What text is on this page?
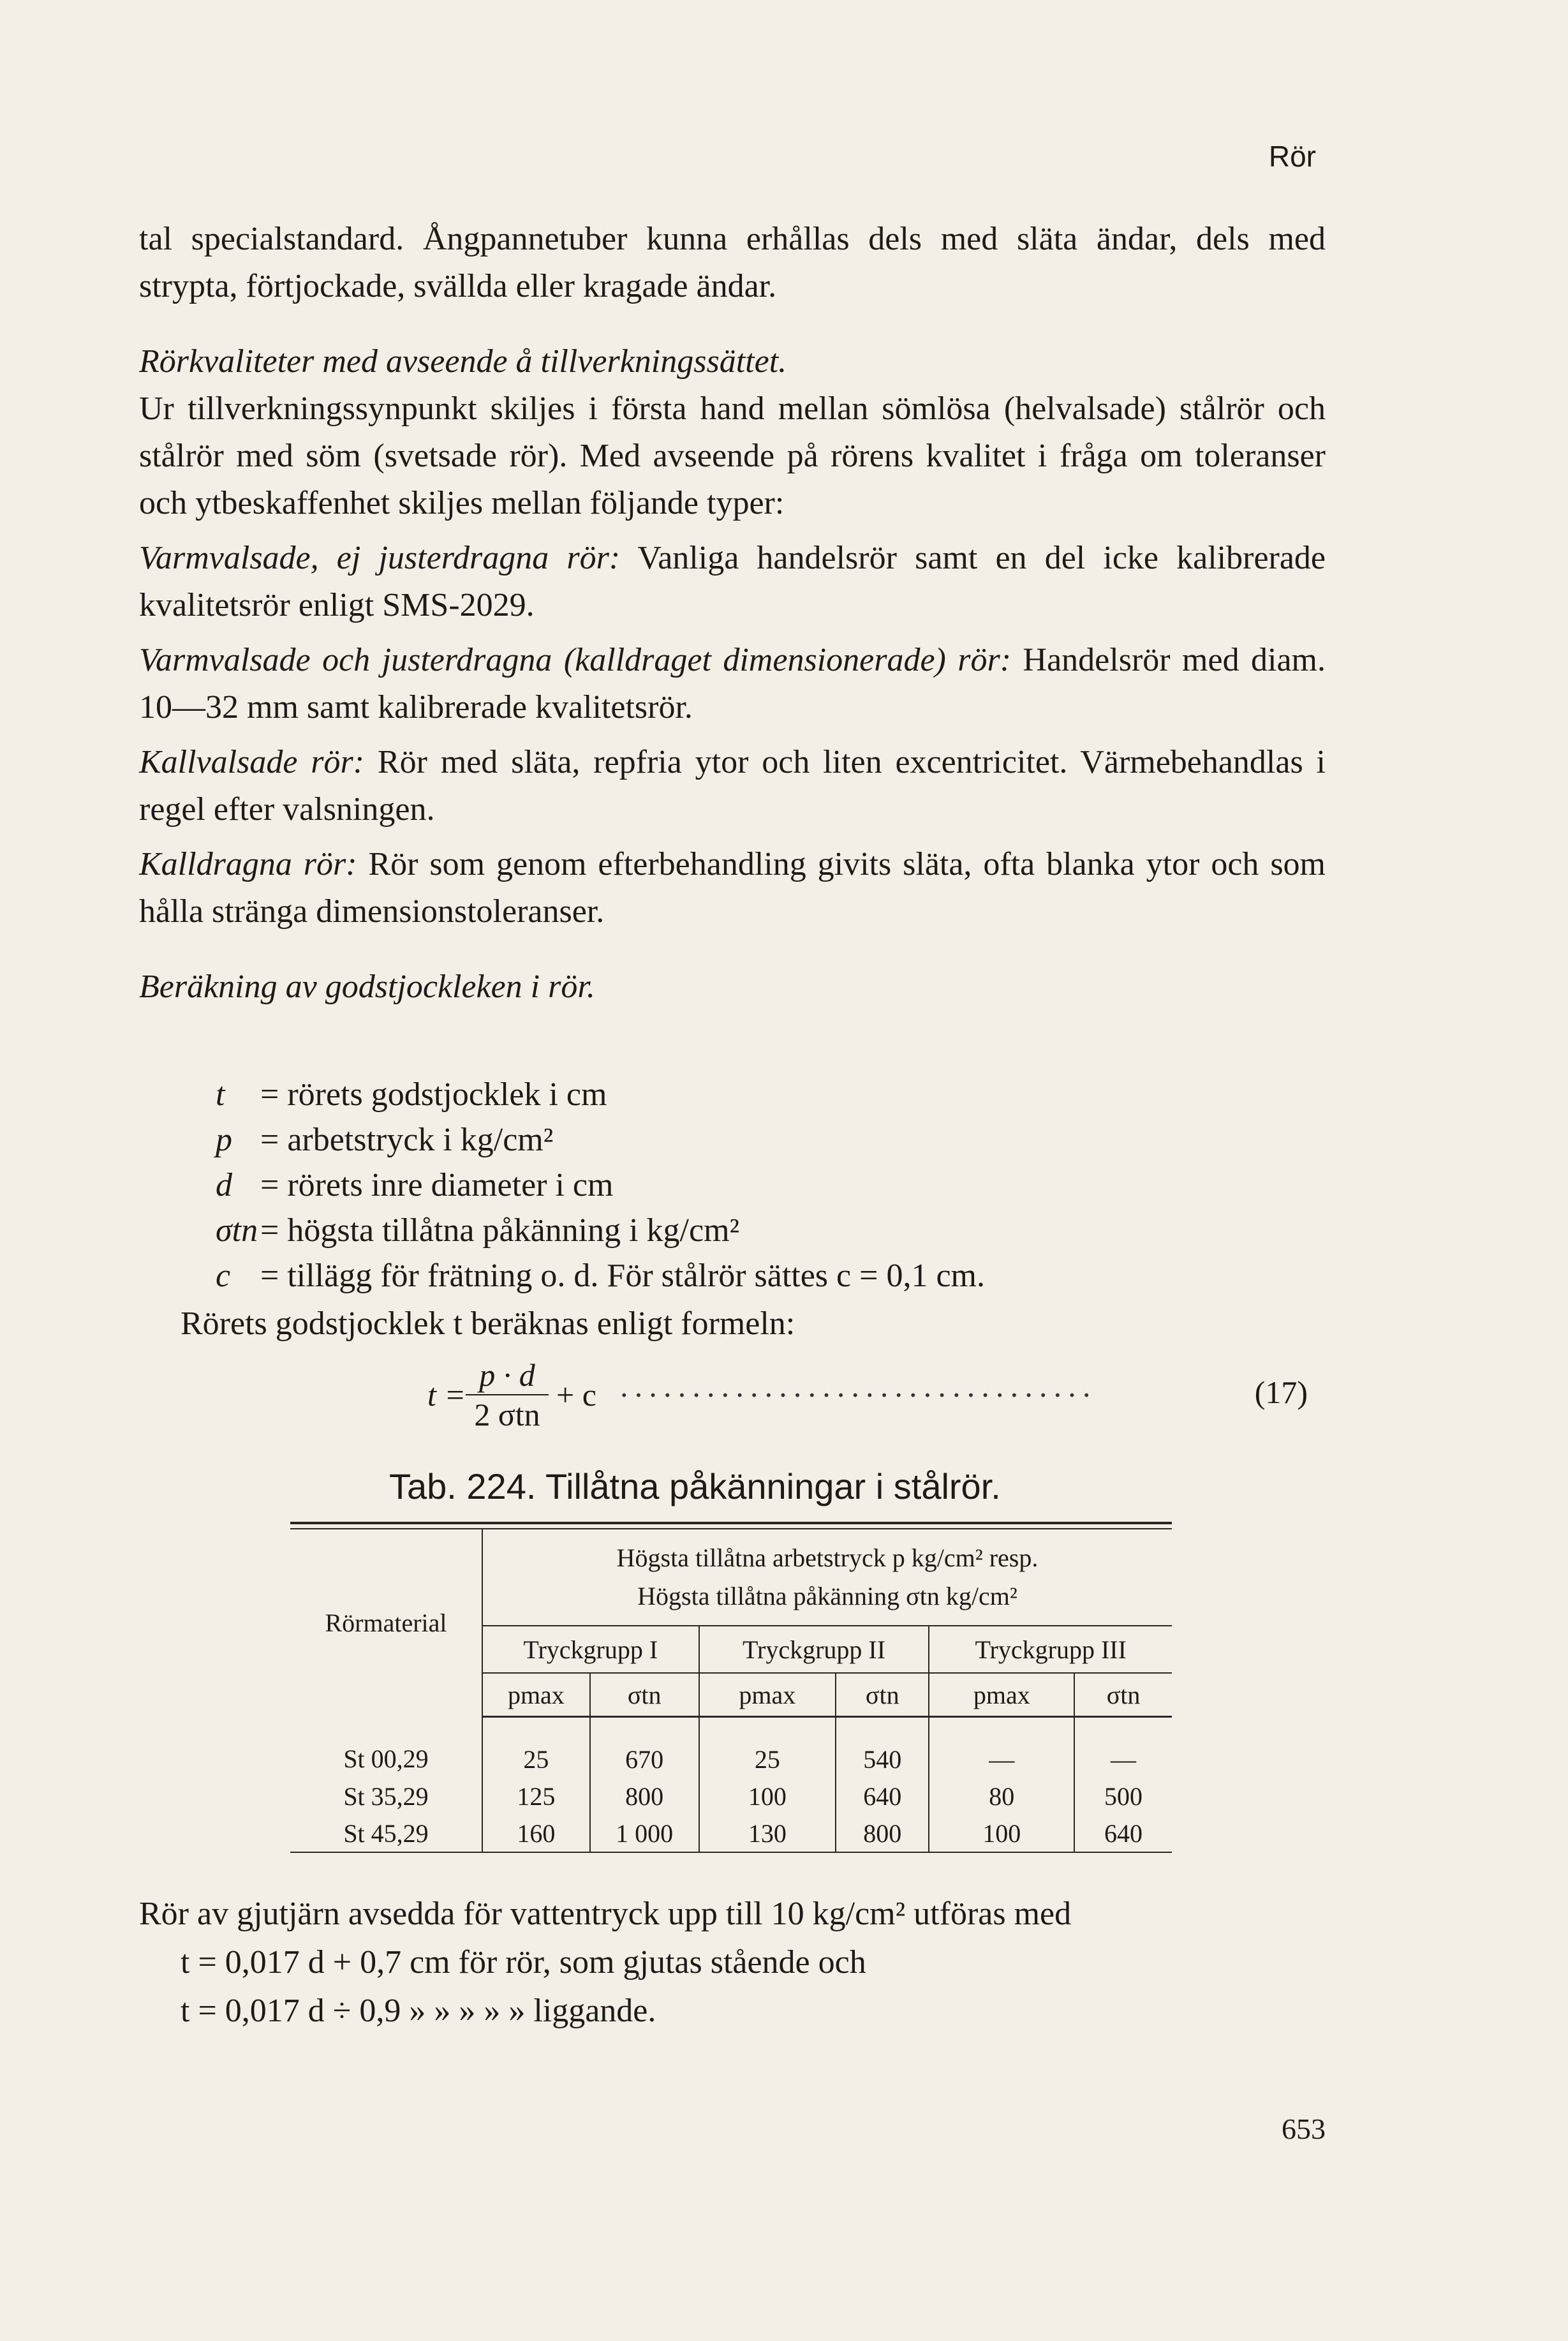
Rör

tal specialstandard. Ångpannetuber kunna erhållas dels med släta ändar, dels med strypta, förtjockade, svällda eller kragade ändar.

Rörkvaliteter med avseende å tillverkningssättet.

Ur tillverkningssynpunkt skiljes i första hand mellan sömlösa (helvalsade) stålrör och stålrör med söm (svetsade rör). Med avseende på rörens kvalitet i fråga om toleranser och ytbeskaffenhet skiljes mellan följande typer:

Varmvalsade, ej justerdragna rör: Vanliga handelsrör samt en del icke kalibrerade kvalitetsrör enligt SMS-2029.

Varmvalsade och justerdragna (kalldraget dimensionerade) rör: Handelsrör med diam. 10—32 mm samt kalibrerade kvalitetsrör.

Kallvalsade rör: Rör med släta, repfria ytor och liten excentricitet. Värmebehandlas i regel efter valsningen.

Kalldragna rör: Rör som genom efterbehandling givits släta, ofta blanka ytor och som hålla stränga dimensionstoleranser.

Beräkning av godstjockleken i rör.

t = rörets godstjocklek i cm
p = arbetstryck i kg/cm²
d = rörets inre diameter i cm
σtn= högsta tillåtna påkänning i kg/cm²
c = tillägg för frätning o. d. För stålrör sättes c = 0,1 cm.
Rörets godstjocklek t beräknas enligt formeln:
t =
p · d
2 σtn
+ c ·································	(17)
Tab. 224. Tillåtna påkänningar i stålrör.
Rörmaterial	Högsta tillåtna arbetstryck p kg/cm² resp.
Högsta tillåtna påkänning σtn kg/cm²					

	Tryckgrupp I		Tryckgrupp II		Tryckgrupp III	
	pmax	σtn	pmax	σtn	pmax	σtn
St 00,29	25	670	25	540	—	—
St 35,29	125	800	100	640	80	500
St 45,29	160	1 000	130	800	100	640

Rör av gjutjärn avsedda för vattentryck upp till 10 kg/cm² utföras med

t = 0,017 d + 0,7 cm för rör, som gjutas stående och
t = 0,017 d ÷ 0,9 » » » » » liggande.
653
